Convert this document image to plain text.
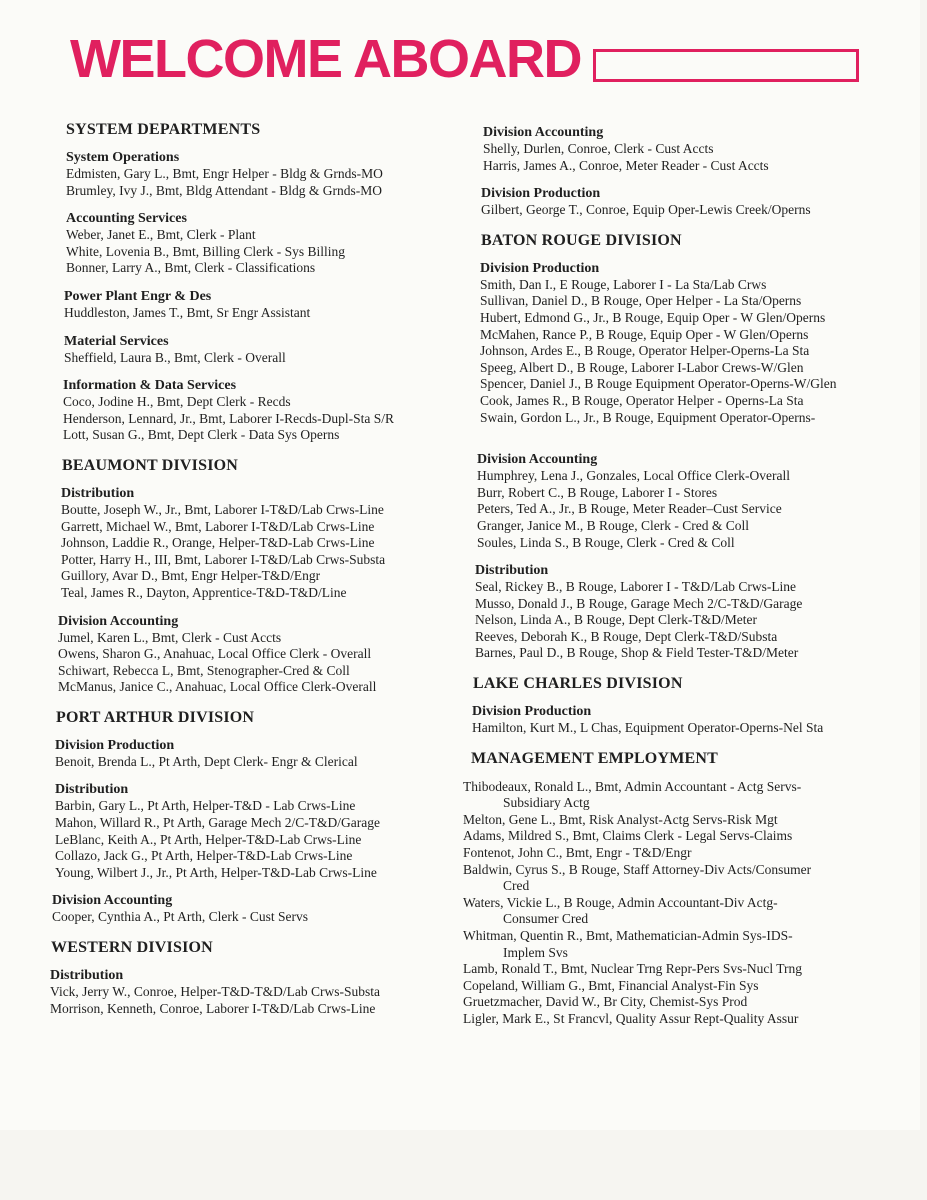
WELCOME ABOARD
SYSTEM DEPARTMENTS
System Operations
Edmisten, Gary L., Bmt, Engr Helper - Bldg & Grnds-MO
Brumley, Ivy J., Bmt, Bldg Attendant - Bldg & Grnds-MO
Accounting Services
Weber, Janet E., Bmt, Clerk - Plant
White, Lovenia B., Bmt, Billing Clerk - Sys Billing
Bonner, Larry A., Bmt, Clerk - Classifications
Power Plant Engr & Des
Huddleston, James T., Bmt, Sr Engr Assistant
Material Services
Sheffield, Laura B., Bmt, Clerk - Overall
Information & Data Services
Coco, Jodine H., Bmt, Dept Clerk - Recds
Henderson, Lennard, Jr., Bmt, Laborer I-Recds-Dupl-Sta S/R
Lott, Susan G., Bmt, Dept Clerk - Data Sys Operns
BEAUMONT DIVISION
Distribution
Boutte, Joseph W., Jr., Bmt, Laborer I-T&D/Lab Crws-Line
Garrett, Michael W., Bmt, Laborer I-T&D/Lab Crws-Line
Johnson, Laddie R., Orange, Helper-T&D-Lab Crws-Line
Potter, Harry H., III, Bmt, Laborer I-T&D/Lab Crws-Substa
Guillory, Avar D., Bmt, Engr Helper-T&D/Engr
Teal, James R., Dayton, Apprentice-T&D-T&D/Line
Division Accounting
Jumel, Karen L., Bmt, Clerk - Cust Accts
Owens, Sharon G., Anahuac, Local Office Clerk - Overall
Schiwart, Rebecca L, Bmt, Stenographer-Cred & Coll
McManus, Janice C., Anahuac, Local Office Clerk-Overall
PORT ARTHUR DIVISION
Division Production
Benoit, Brenda L., Pt Arth, Dept Clerk- Engr & Clerical
Distribution
Barbin, Gary L., Pt Arth, Helper-T&D - Lab Crws-Line
Mahon, Willard R., Pt Arth, Garage Mech 2/C-T&D/Garage
LeBlanc, Keith A., Pt Arth, Helper-T&D-Lab Crws-Line
Collazo, Jack G., Pt Arth, Helper-T&D-Lab Crws-Line
Young, Wilbert J., Jr., Pt Arth, Helper-T&D-Lab Crws-Line
Division Accounting
Cooper, Cynthia A., Pt Arth, Clerk - Cust Servs
WESTERN DIVISION
Distribution
Vick, Jerry W., Conroe, Helper-T&D-T&D/Lab Crws-Substa
Morrison, Kenneth, Conroe, Laborer I-T&D/Lab Crws-Line
Division Accounting
Shelly, Durlen, Conroe, Clerk - Cust Accts
Harris, James A., Conroe, Meter Reader - Cust Accts
Division Production
Gilbert, George T., Conroe, Equip Oper-Lewis Creek/Operns
BATON ROUGE DIVISION
Division Production
Smith, Dan I., E Rouge, Laborer I - La Sta/Lab Crws
Sullivan, Daniel D., B Rouge, Oper Helper - La Sta/Operns
Hubert, Edmond G., Jr., B Rouge, Equip Oper - W Glen/Operns
McMahen, Rance P., B Rouge, Equip Oper - W Glen/Operns
Johnson, Ardes E., B Rouge, Operator Helper-Operns-La Sta
Speeg, Albert D., B Rouge, Laborer I-Labor Crews-W/Glen
Spencer, Daniel J., B Rouge Equipment Operator-Operns-W/Glen
Cook, James R., B Rouge, Operator Helper - Operns-La Sta
Swain, Gordon L., Jr., B Rouge, Equipment Operator-Operns-
Division Accounting
Humphrey, Lena J., Gonzales, Local Office Clerk-Overall
Burr, Robert C., B Rouge, Laborer I - Stores
Peters, Ted A., Jr., B Rouge, Meter Reader–Cust Service
Granger, Janice M., B Rouge, Clerk - Cred & Coll
Soules, Linda S., B Rouge, Clerk - Cred & Coll
Distribution
Seal, Rickey B., B Rouge, Laborer I - T&D/Lab Crws-Line
Musso, Donald J., B Rouge, Garage Mech 2/C-T&D/Garage
Nelson, Linda A., B Rouge, Dept Clerk-T&D/Meter
Reeves, Deborah K., B Rouge, Dept Clerk-T&D/Substa
Barnes, Paul D., B Rouge, Shop & Field Tester-T&D/Meter
LAKE CHARLES DIVISION
Division Production
Hamilton, Kurt M., L Chas, Equipment Operator-Operns-Nel Sta
MANAGEMENT EMPLOYMENT
Thibodeaux, Ronald L., Bmt, Admin Accountant - Actg Servs-
Subsidiary Actg
Melton, Gene L., Bmt, Risk Analyst-Actg Servs-Risk Mgt
Adams, Mildred S., Bmt, Claims Clerk - Legal Servs-Claims
Fontenot, John C., Bmt, Engr - T&D/Engr
Baldwin, Cyrus S., B Rouge, Staff Attorney-Div Acts/Consumer
Cred
Waters, Vickie L., B Rouge, Admin Accountant-Div Actg-
Consumer Cred
Whitman, Quentin R., Bmt, Mathematician-Admin Sys-IDS-
Implem Svs
Lamb, Ronald T., Bmt, Nuclear Trng Repr-Pers Svs-Nucl Trng
Copeland, William G., Bmt, Financial Analyst-Fin Sys
Gruetzmacher, David W., Br City, Chemist-Sys Prod
Ligler, Mark E., St Francvl, Quality Assur Rept-Quality Assur
